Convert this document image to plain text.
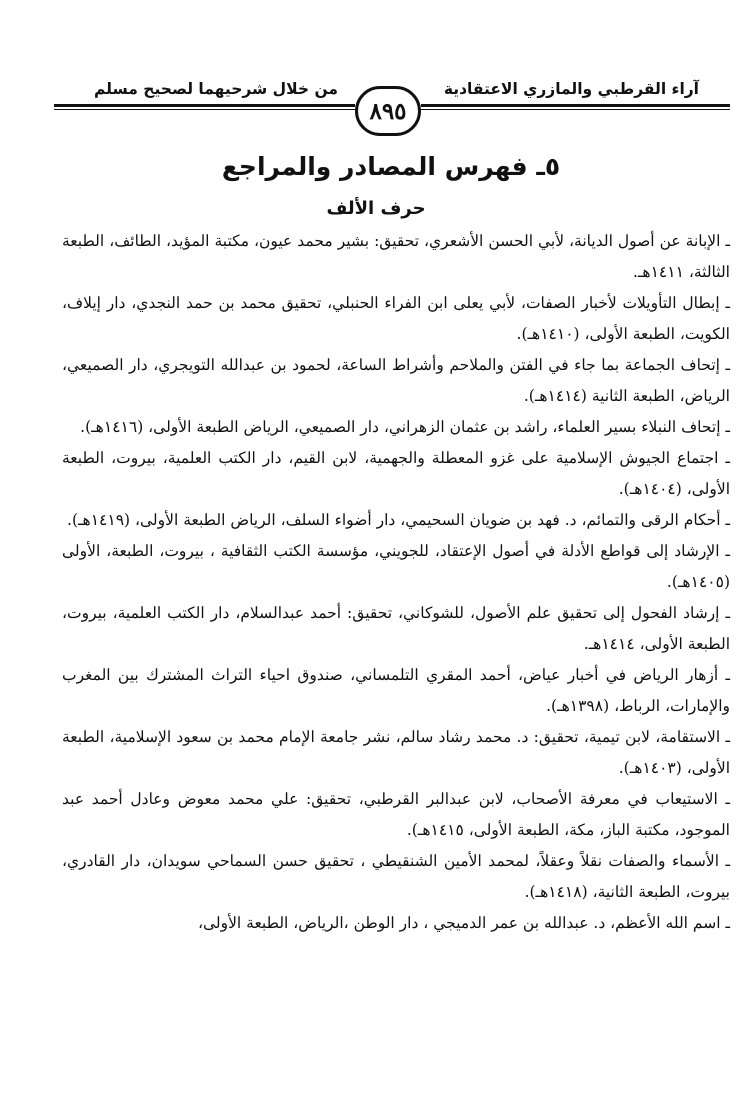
آراء القرطبي والمازري الاعتقادية
من خلال شرحيهما لصحيح مسلم
٨٩٥
٥ـ فهرس المصادر والمراجع
حرف الألف

ـ الإبانة عن أصول الديانة، لأبي الحسن الأشعري، تحقيق: بشير محمد عيون، مكتبة المؤيد، الطائف، الطبعة الثالثة، ١٤١١هـ.

ـ إبطال التأويلات لأخبار الصفات، لأبي يعلى ابن الفراء الحنبلي، تحقيق محمد بن حمد النجدي، دار إيلاف، الكويت، الطبعة الأولى، (١٤١٠هـ).

ـ إتحاف الجماعة بما جاء في الفتن والملاحم وأشراط الساعة، لحمود بن عبدالله التويجري، دار الصميعي، الرياض، الطبعة الثانية (١٤١٤هـ).

ـ إتحاف النبلاء بسير العلماء، راشد بن عثمان الزهراني، دار الصميعي، الرياض الطبعة الأولى، (١٤١٦هـ).

ـ اجتماع الجيوش الإسلامية على غزو المعطلة والجهمية، لابن القيم، دار الكتب العلمية، بيروت، الطبعة الأولى، (١٤٠٤هـ).

ـ أحكام الرقى والتمائم، د. فهد بن ضويان السحيمي، دار أضواء السلف، الرياض الطبعة الأولى، (١٤١٩هـ).

ـ الإرشاد إلى قواطع الأدلة في أصول الإعتقاد، للجويني، مؤسسة الكتب الثقافية ، بيروت، الطبعة، الأولى (١٤٠٥هـ).

ـ إرشاد الفحول إلى تحقيق علم الأصول، للشوكاني، تحقيق: أحمد عبدالسلام، دار الكتب العلمية، بيروت، الطبعة الأولى، ١٤١٤هـ.

ـ أزهار الرياض في أخبار عياض، أحمد المقري التلمساني، صندوق احياء التراث المشترك بين المغرب والإمارات، الرباط، (١٣٩٨هـ).

ـ الاستقامة، لابن تيمية، تحقيق: د. محمد رشاد سالم، نشر جامعة الإمام محمد بن سعود الإسلامية، الطبعة الأولى، (١٤٠٣هـ).

ـ الاستيعاب في معرفة الأصحاب، لابن عبدالبر القرطبي، تحقيق: علي محمد معوض وعادل أحمد عبد الموجود، مكتبة الباز، مكة، الطبعة الأولى، ١٤١٥هـ).

ـ الأسماء والصفات نقلاً وعقلاً، لمحمد الأمين الشنقيطي ، تحقيق حسن السماحي سويدان، دار القادري، بيروت، الطبعة الثانية، (١٤١٨هـ).

ـ اسم الله الأعظم، د. عبدالله بن عمر الدميجي ، دار الوطن ،الرياض، الطبعة الأولى،
